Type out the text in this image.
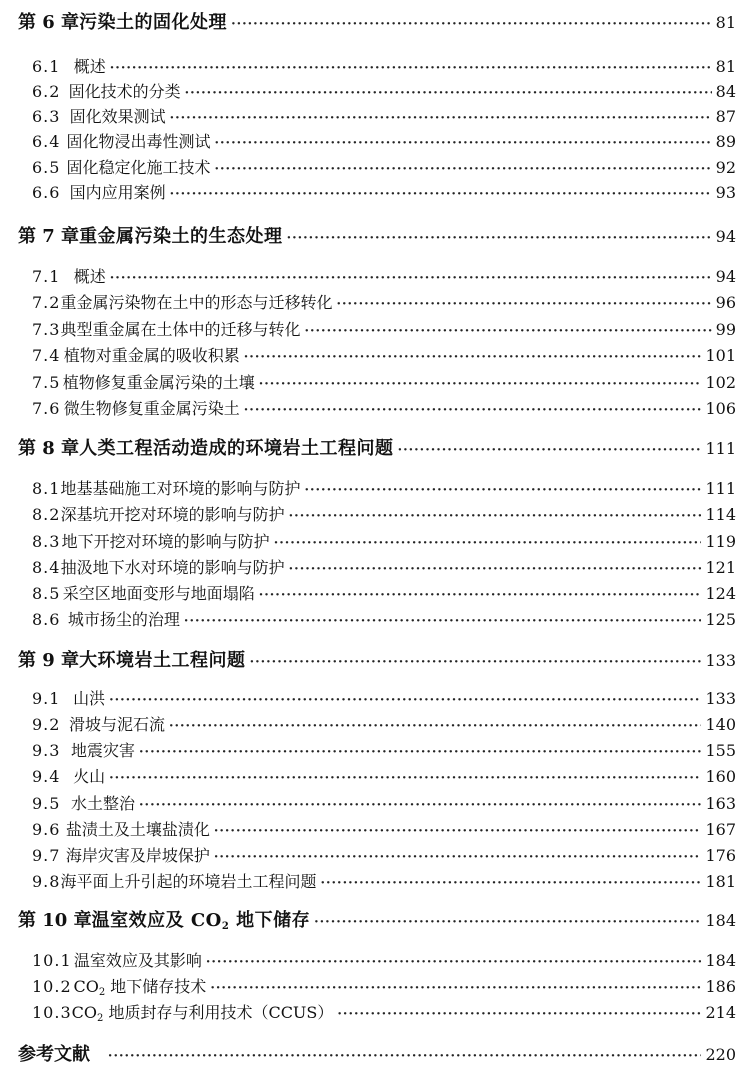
第 6 章 污染土的固化处理 ·····	81
6.1 概述 ·····	81
6.2 固化技术的分类 ·····	84
6.3 固化效果测试 ·····	87
6.4 固化物浸出毒性测试 ·····	89
6.5 固化稳定化施工技术 ·····	92
6.6 国内应用案例 ·····	93
第 7 章 重金属污染土的生态处理 ·····	94
7.1 概述 ·····	94
7.2 重金属污染物在土中的形态与迁移转化 ·····	96
7.3 典型重金属在土体中的迁移与转化 ·····	99
7.4 植物对重金属的吸收积累 ·····	101
7.5 植物修复重金属污染的土壤 ·····	102
7.6 微生物修复重金属污染土 ·····	106
第 8 章 人类工程活动造成的环境岩土工程问题 ·····	111
8.1 地基基础施工对环境的影响与防护 ·····	111
8.2 深基坑开挖对环境的影响与防护 ·····	114
8.3 地下开挖对环境的影响与防护 ·····	119
8.4 抽汲地下水对环境的影响与防护 ·····	121
8.5 采空区地面变形与地面塌陷 ·····	124
8.6 城市扬尘的治理 ·····	125
第 9 章 大环境岩土工程问题 ·····	133
9.1 山洪 ·····	133
9.2 滑坡与泥石流 ·····	140
9.3 地震灾害 ·····	155
9.4 火山 ·····	160
9.5 水土整治 ·····	163
9.6 盐渍土及土壤盐渍化 ·····	167
9.7 海岸灾害及岸坡保护 ·····	176
9.8 海平面上升引起的环境岩土工程问题 ·····	181
第 10 章 温室效应及 $CO_2$ 地下储存 ·····	184
10.1 温室效应及其影响 ·····	184
10.2 $CO_2$ 地下储存技术 ·····	186
10.3 $CO_2$ 地质封存与利用技术（CCUS） ·····	214
参考文献 ·····	220
